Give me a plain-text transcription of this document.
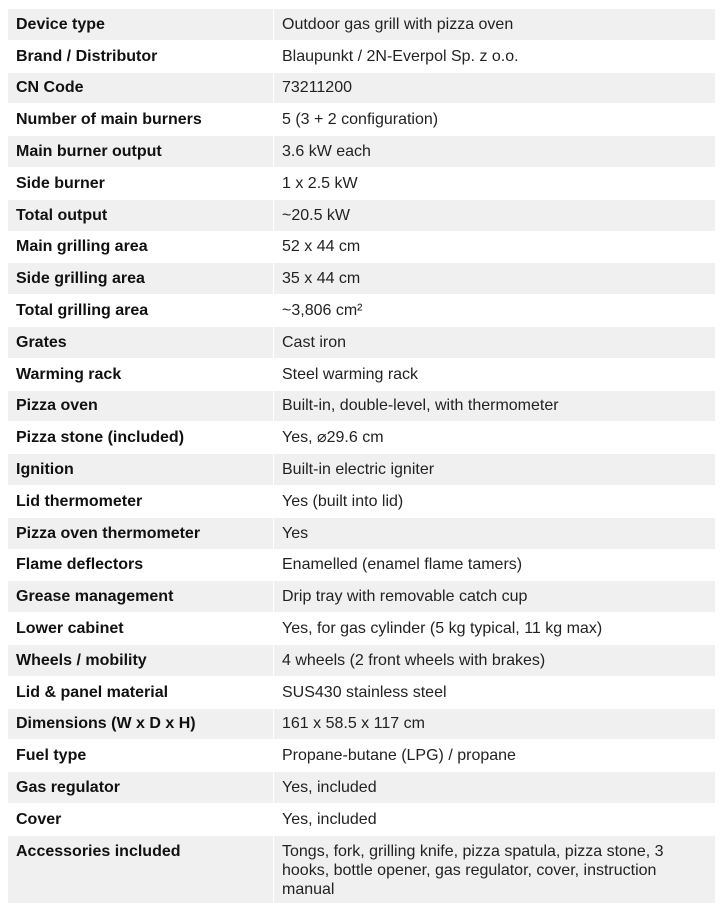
Device type	Outdoor gas grill with pizza oven
Brand / Distributor	Blaupunkt / 2N-Everpol Sp. z o.o.
CN Code	73211200
Number of main burners	5 (3 + 2 configuration)
Main burner output	3.6 kW each
Side burner	1 x 2.5 kW
Total output	~20.5 kW
Main grilling area	52 x 44 cm
Side grilling area	35 x 44 cm
Total grilling area	~3,806 cm²
Grates	Cast iron
Warming rack	Steel warming rack
Pizza oven	Built-in, double-level, with thermometer
Pizza stone (included)	Yes, ⌀29.6 cm
Ignition	Built-in electric igniter
Lid thermometer	Yes (built into lid)
Pizza oven thermometer	Yes
Flame deflectors	Enamelled (enamel flame tamers)
Grease management	Drip tray with removable catch cup
Lower cabinet	Yes, for gas cylinder (5 kg typical, 11 kg max)
Wheels / mobility	4 wheels (2 front wheels with brakes)
Lid & panel material	SUS430 stainless steel
Dimensions (W x D x H)	161 x 58.5 x 117 cm
Fuel type	Propane-butane (LPG) / propane
Gas regulator	Yes, included
Cover	Yes, included
Accessories included	Tongs, fork, grilling knife, pizza spatula, pizza stone, 3 hooks, bottle opener, gas regulator, cover, instruction manual
